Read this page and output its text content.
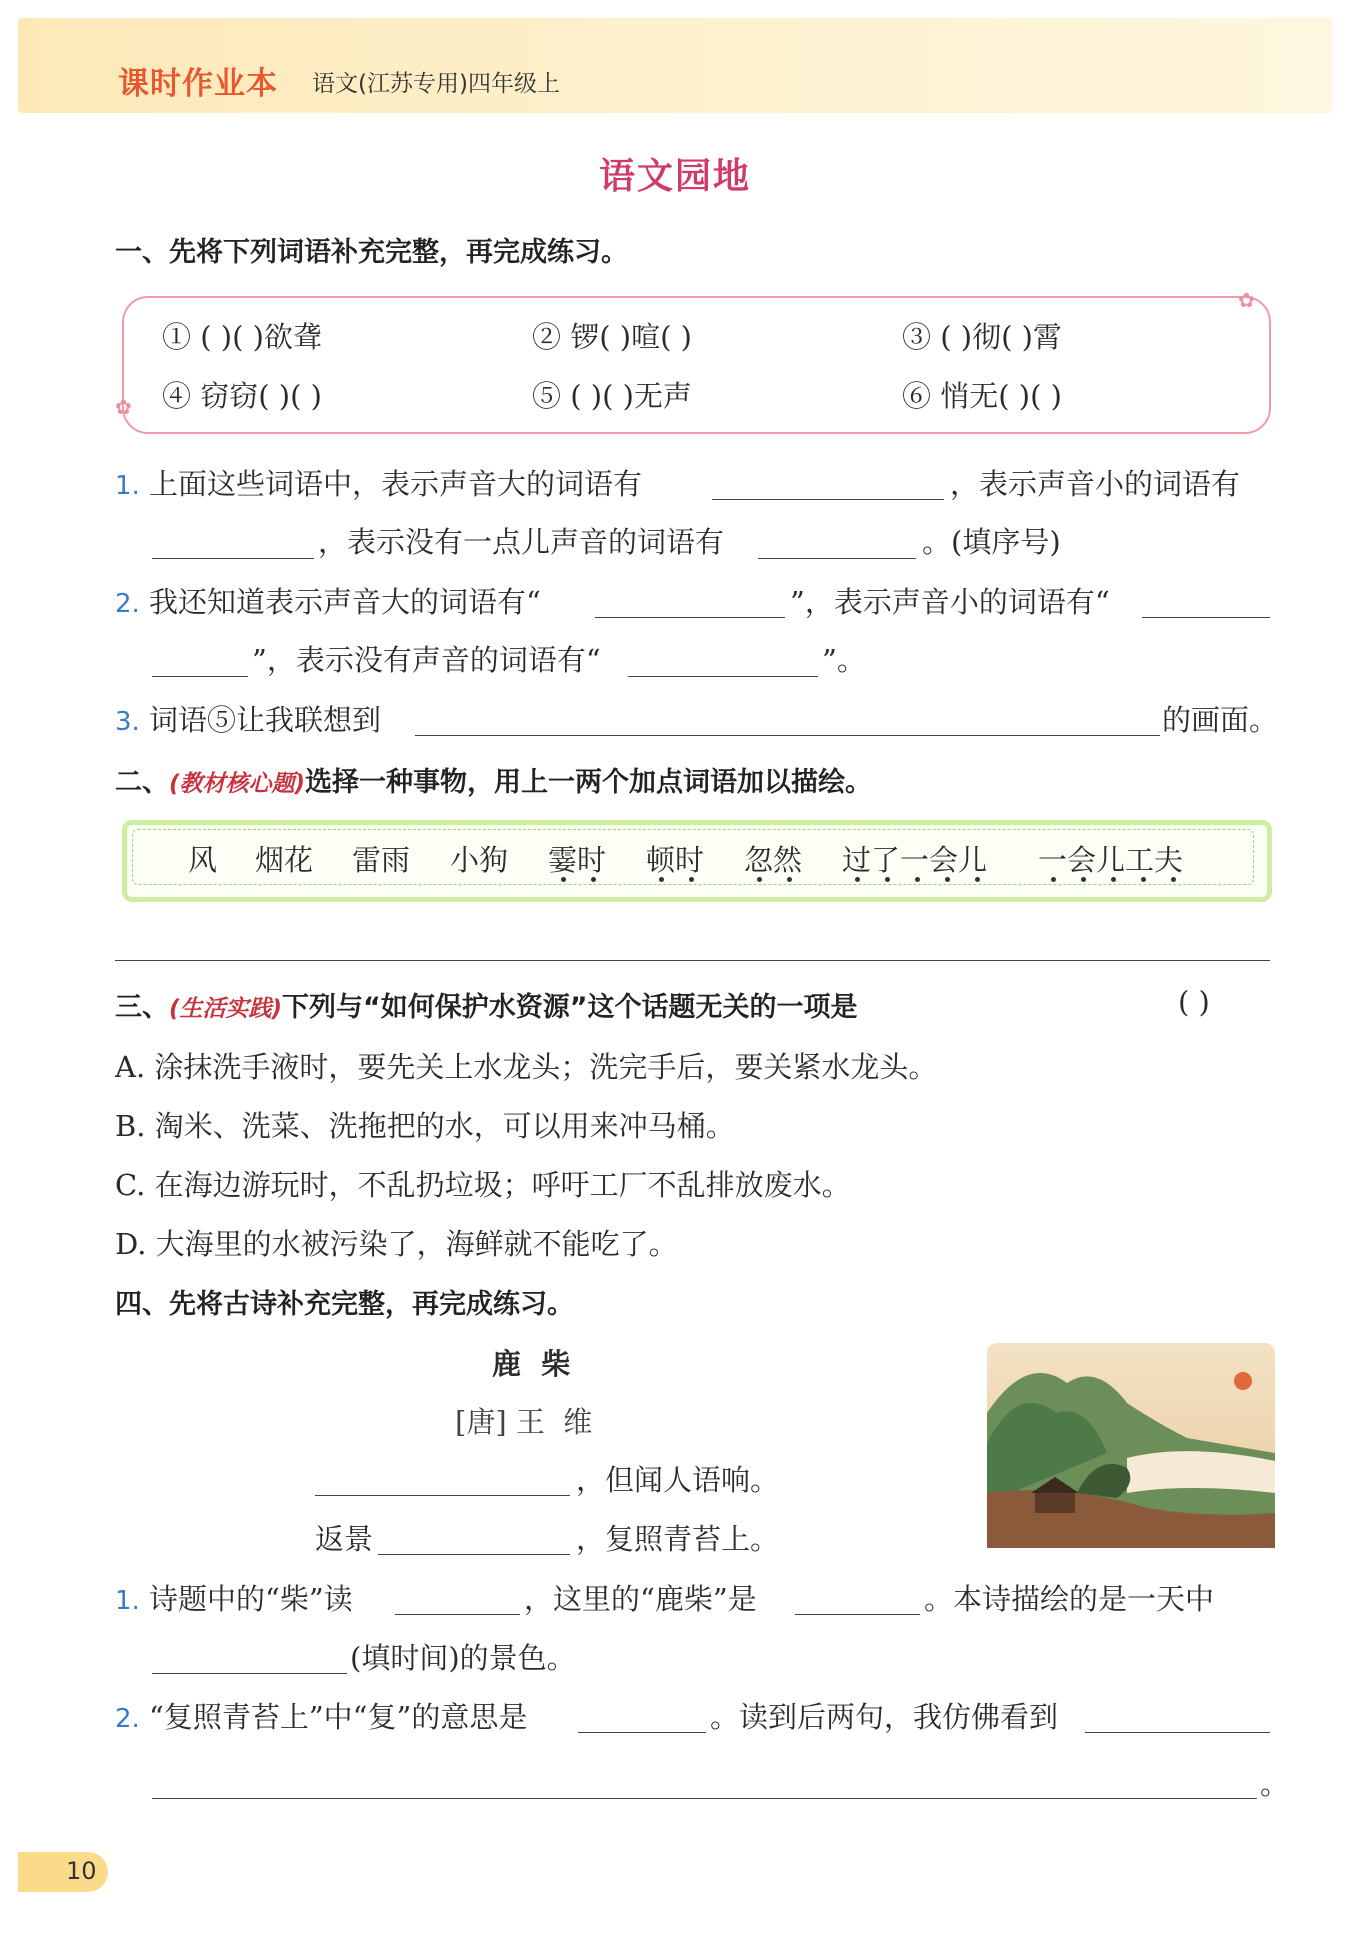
课时作业本 语文(江苏专用)四年级上
语文园地
一、先将下列词语补充完整，再完成练习。
✿
✿
① ( )( )欲聋	② 锣( )喧( )	③ ( )彻( )霄
④ 窃窃( )( )	⑤ ( )( )无声	⑥ 悄无( )( )
1. 上面这些词语中，表示声音大的词语有	，表示声音小的词语有
，表示没有一点儿声音的词语有	。(填序号)
2. 我还知道表示声音大的词语有“	”，表示声音小的词语有“
”，表示没有声音的词语有“	”。
3. 词语⑤让我联想到	的画面。
二、(教材核心题)选择一种事物，用上一两个加点词语加以描绘。
风 烟花 雷雨 小狗 霎时 顿时 忽然 过了一会儿 一会儿工夫
三、(生活实践)下列与“如何保护水资源”这个话题无关的一项是	( )
A. 涂抹洗手液时，要先关上水龙头；洗完手后，要关紧水龙头。
B. 淘米、洗菜、洗拖把的水，可以用来冲马桶。
C. 在海边游玩时，不乱扔垃圾；呼吁工厂不乱排放废水。
D. 大海里的水被污染了，海鲜就不能吃了。
四、先将古诗补充完整，再完成练习。
鹿  柴
[唐] 王  维
，但闻人语响。
返景	，复照青苔上。
1. 诗题中的“柴”读	，这里的“鹿柴”是	。本诗描绘的是一天中
(填时间)的景色。
2. “复照青苔上”中“复”的意思是	。读到后两句，我仿佛看到
。
10
